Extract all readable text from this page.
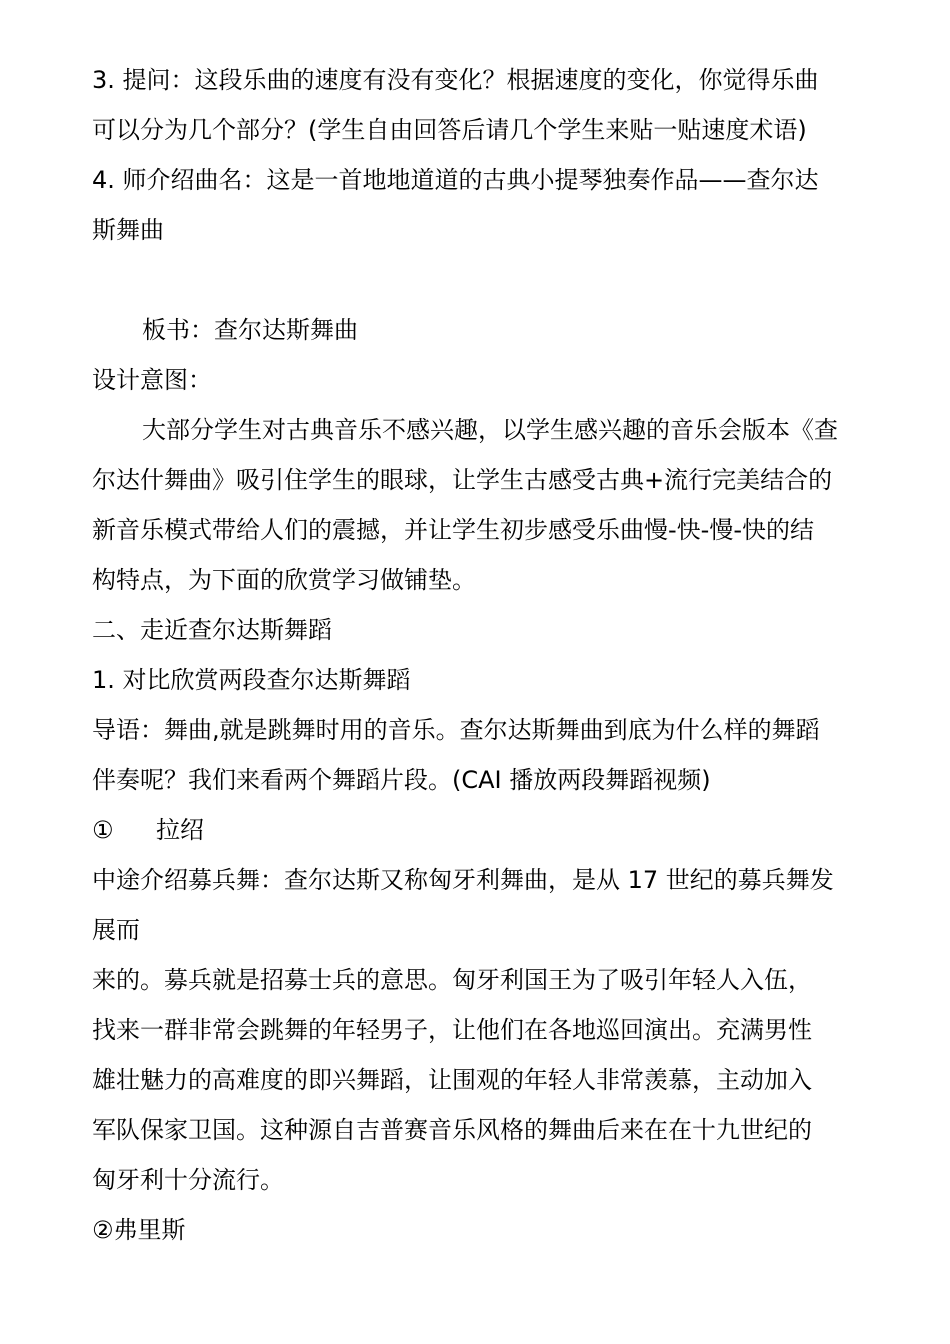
3. 提问：这段乐曲的速度有没有变化？根据速度的变化，你觉得乐曲
可以分为几个部分？(学生自由回答后请几个学生来贴一贴速度术语)
4. 师介绍曲名：这是一首地地道道的古典小提琴独奏作品——查尔达
斯舞曲
板书：查尔达斯舞曲
设计意图：
大部分学生对古典音乐不感兴趣，以学生感兴趣的音乐会版本《查
尔达什舞曲》吸引住学生的眼球，让学生古感受古典+流行完美结合的
新音乐模式带给人们的震撼，并让学生初步感受乐曲慢-快-慢-快的结
构特点，为下面的欣赏学习做铺垫。
二、走近查尔达斯舞蹈
1. 对比欣赏两段查尔达斯舞蹈
导语：舞曲,就是跳舞时用的音乐。查尔达斯舞曲到底为什么样的舞蹈
伴奏呢？我们来看两个舞蹈片段。(CAI 播放两段舞蹈视频)
① 拉绍
中途介绍募兵舞：查尔达斯又称匈牙利舞曲，是从 17 世纪的募兵舞发
展而
来的。募兵就是招募士兵的意思。匈牙利国王为了吸引年轻人入伍，
找来一群非常会跳舞的年轻男子，让他们在各地巡回演出。充满男性
雄壮魅力的高难度的即兴舞蹈，让围观的年轻人非常羡慕，主动加入
军队保家卫国。这种源自吉普赛音乐风格的舞曲后来在在十九世纪的
匈牙利十分流行。
②弗里斯
